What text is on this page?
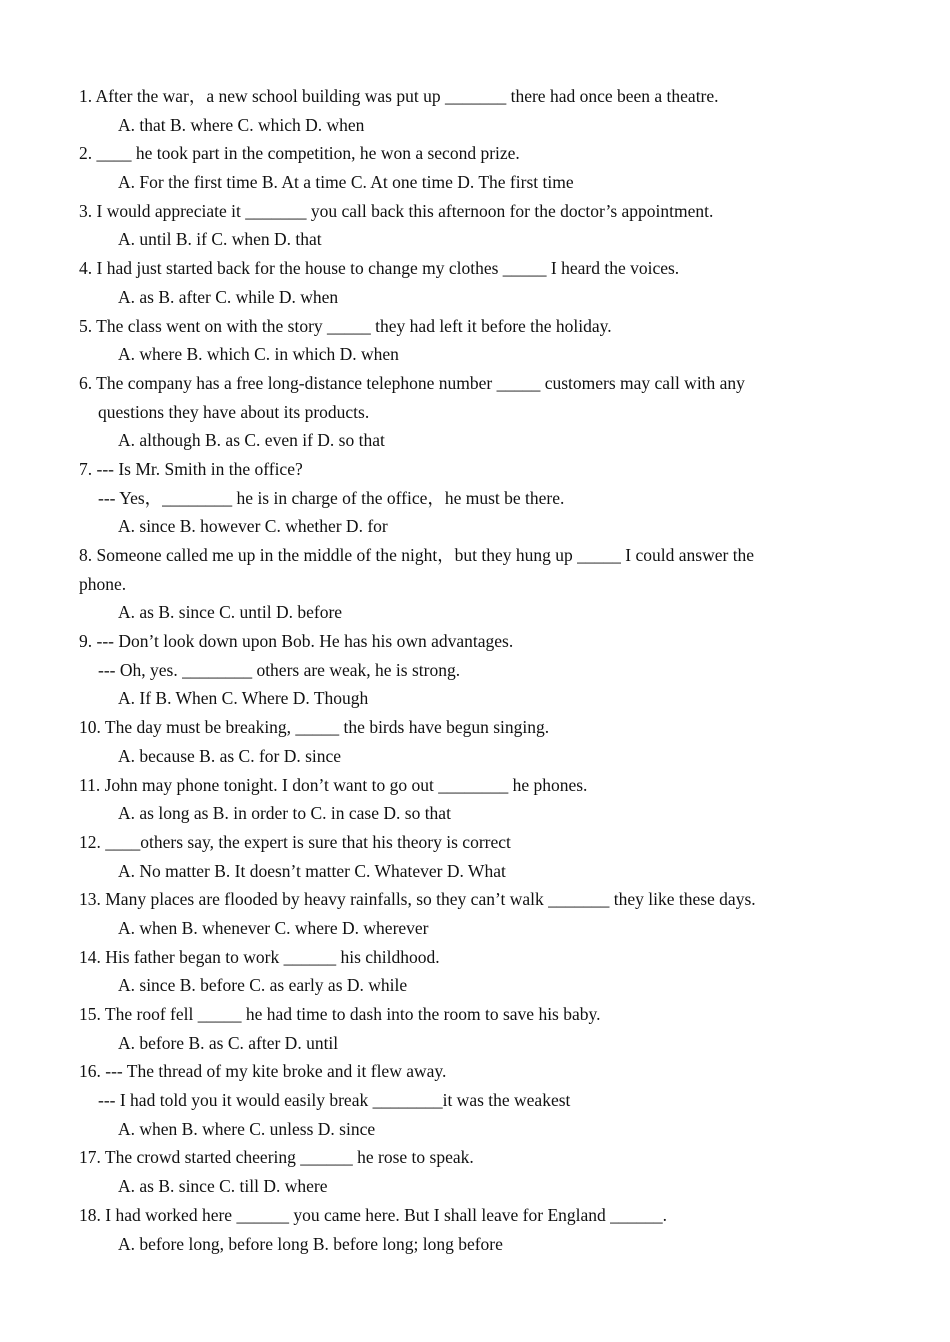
1. After the war，a new school building was put up _______ there had once been a theatre.
A. that B. where C. which D. when
2. ____ he took part in the competition, he won a second prize.
A. For the first time B. At a time C. At one time D. The first time
3. I would appreciate it _______ you call back this afternoon for the doctor’s appointment.
A. until B. if C. when D. that
4. I had just started back for the house to change my clothes _____ I heard the voices.
A. as B. after C. while D. when
5. The class went on with the story _____ they had left it before the holiday.
A. where B. which C. in which D. when
6. The company has a free long-distance telephone number _____ customers may call with any
questions they have about its products.
A. although B. as C. even if D. so that
7. --- Is Mr. Smith in the office?
--- Yes，________ he is in charge of the office，he must be there.
A. since B. however C. whether D. for
8. Someone called me up in the middle of the night，but they hung up _____ I could answer the
phone.
A. as B. since C. until D. before
9. --- Don’t look down upon Bob. He has his own advantages.
--- Oh, yes. ________ others are weak, he is strong.
A. If B. When C. Where D. Though
10. The day must be breaking, _____ the birds have begun singing.
A. because B. as C. for D. since
11. John may phone tonight. I don’t want to go out ________ he phones.
A. as long as B. in order to C. in case D. so that
12. ____others say, the expert is sure that his theory is correct
A. No matter B. It doesn’t matter C. Whatever D. What
13. Many places are flooded by heavy rainfalls, so they can’t walk _______ they like these days.
A. when B. whenever C. where D. wherever
14. His father began to work ______ his childhood.
A. since B. before C. as early as D. while
15. The roof fell _____ he had time to dash into the room to save his baby.
A. before B. as C. after D. until
16. --- The thread of my kite broke and it flew away.
--- I had told you it would easily break ________it was the weakest
A. when B. where C. unless D. since
17. The crowd started cheering ______ he rose to speak.
A. as B. since C. till D. where
18. I had worked here ______ you came here. But I shall leave for England ______.
A. before long, before long B. before long; long before
